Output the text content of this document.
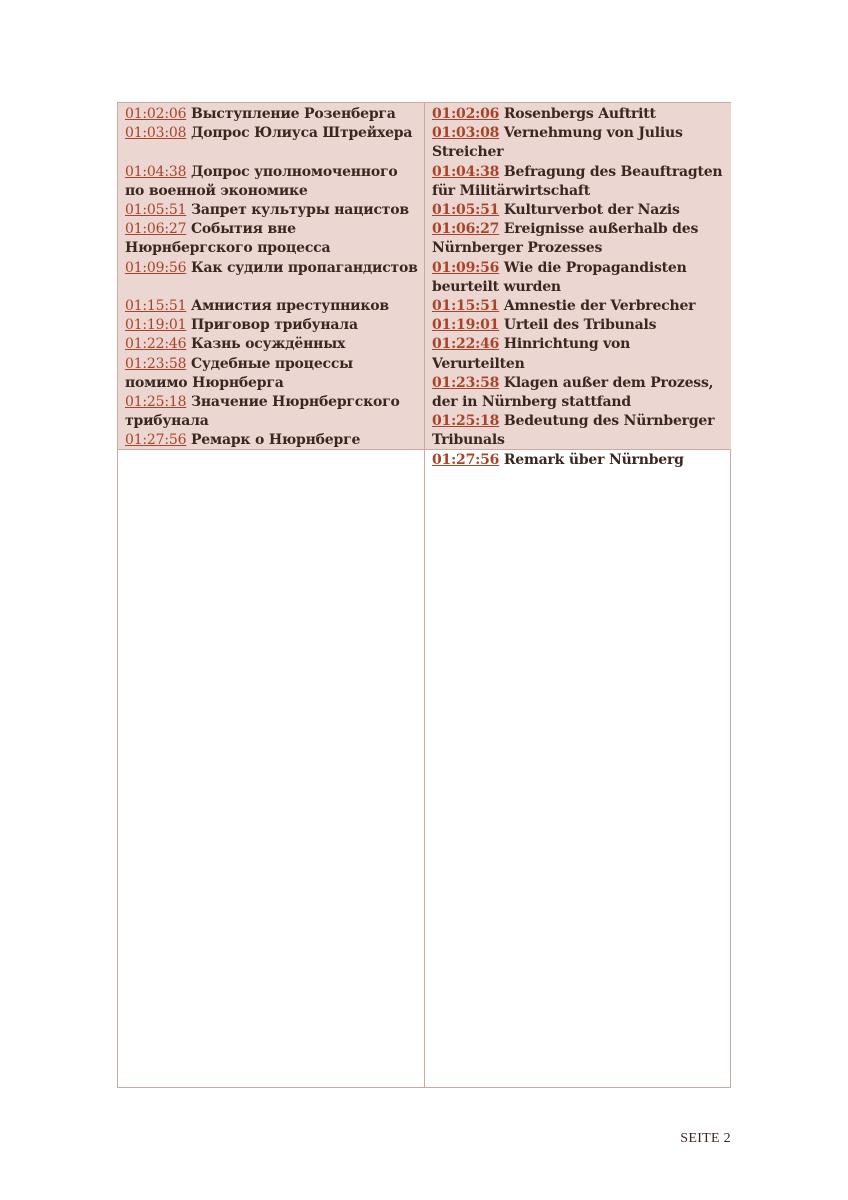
01:02:06 Выступление Розенберга
01:03:08 Допрос Юлиуса Штрейхера
01:04:38 Допрос уполномоченного по военной экономике
01:05:51 Запрет культуры нацистов
01:06:27 События вне Нюрнбергского процесса
01:09:56 Как судили пропагандистов
01:15:51 Амнистия преступников
01:19:01 Приговор трибунала
01:22:46 Казнь осуждённых
01:23:58 Судебные процессы помимо Нюрнберга
01:25:18 Значение Нюрнбергского трибунала
01:27:56 Ремарк о Нюрнберге
01:02:06 Rosenbergs Auftritt
01:03:08 Vernehmung von Julius Streicher
01:04:38 Befragung des Beauftragten für Militärwirtschaft
01:05:51 Kulturverbot der Nazis
01:06:27 Ereignisse außerhalb des Nürnberger Prozesses
01:09:56 Wie die Propagandisten beurteilt wurden
01:15:51 Amnestie der Verbrecher
01:19:01 Urteil des Tribunals
01:22:46 Hinrichtung von Verurteilten
01:23:58 Klagen außer dem Prozess, der in Nürnberg stattfand
01:25:18 Bedeutung des Nürnberger Tribunals
01:27:56 Remark über Nürnberg
SEITE 2
